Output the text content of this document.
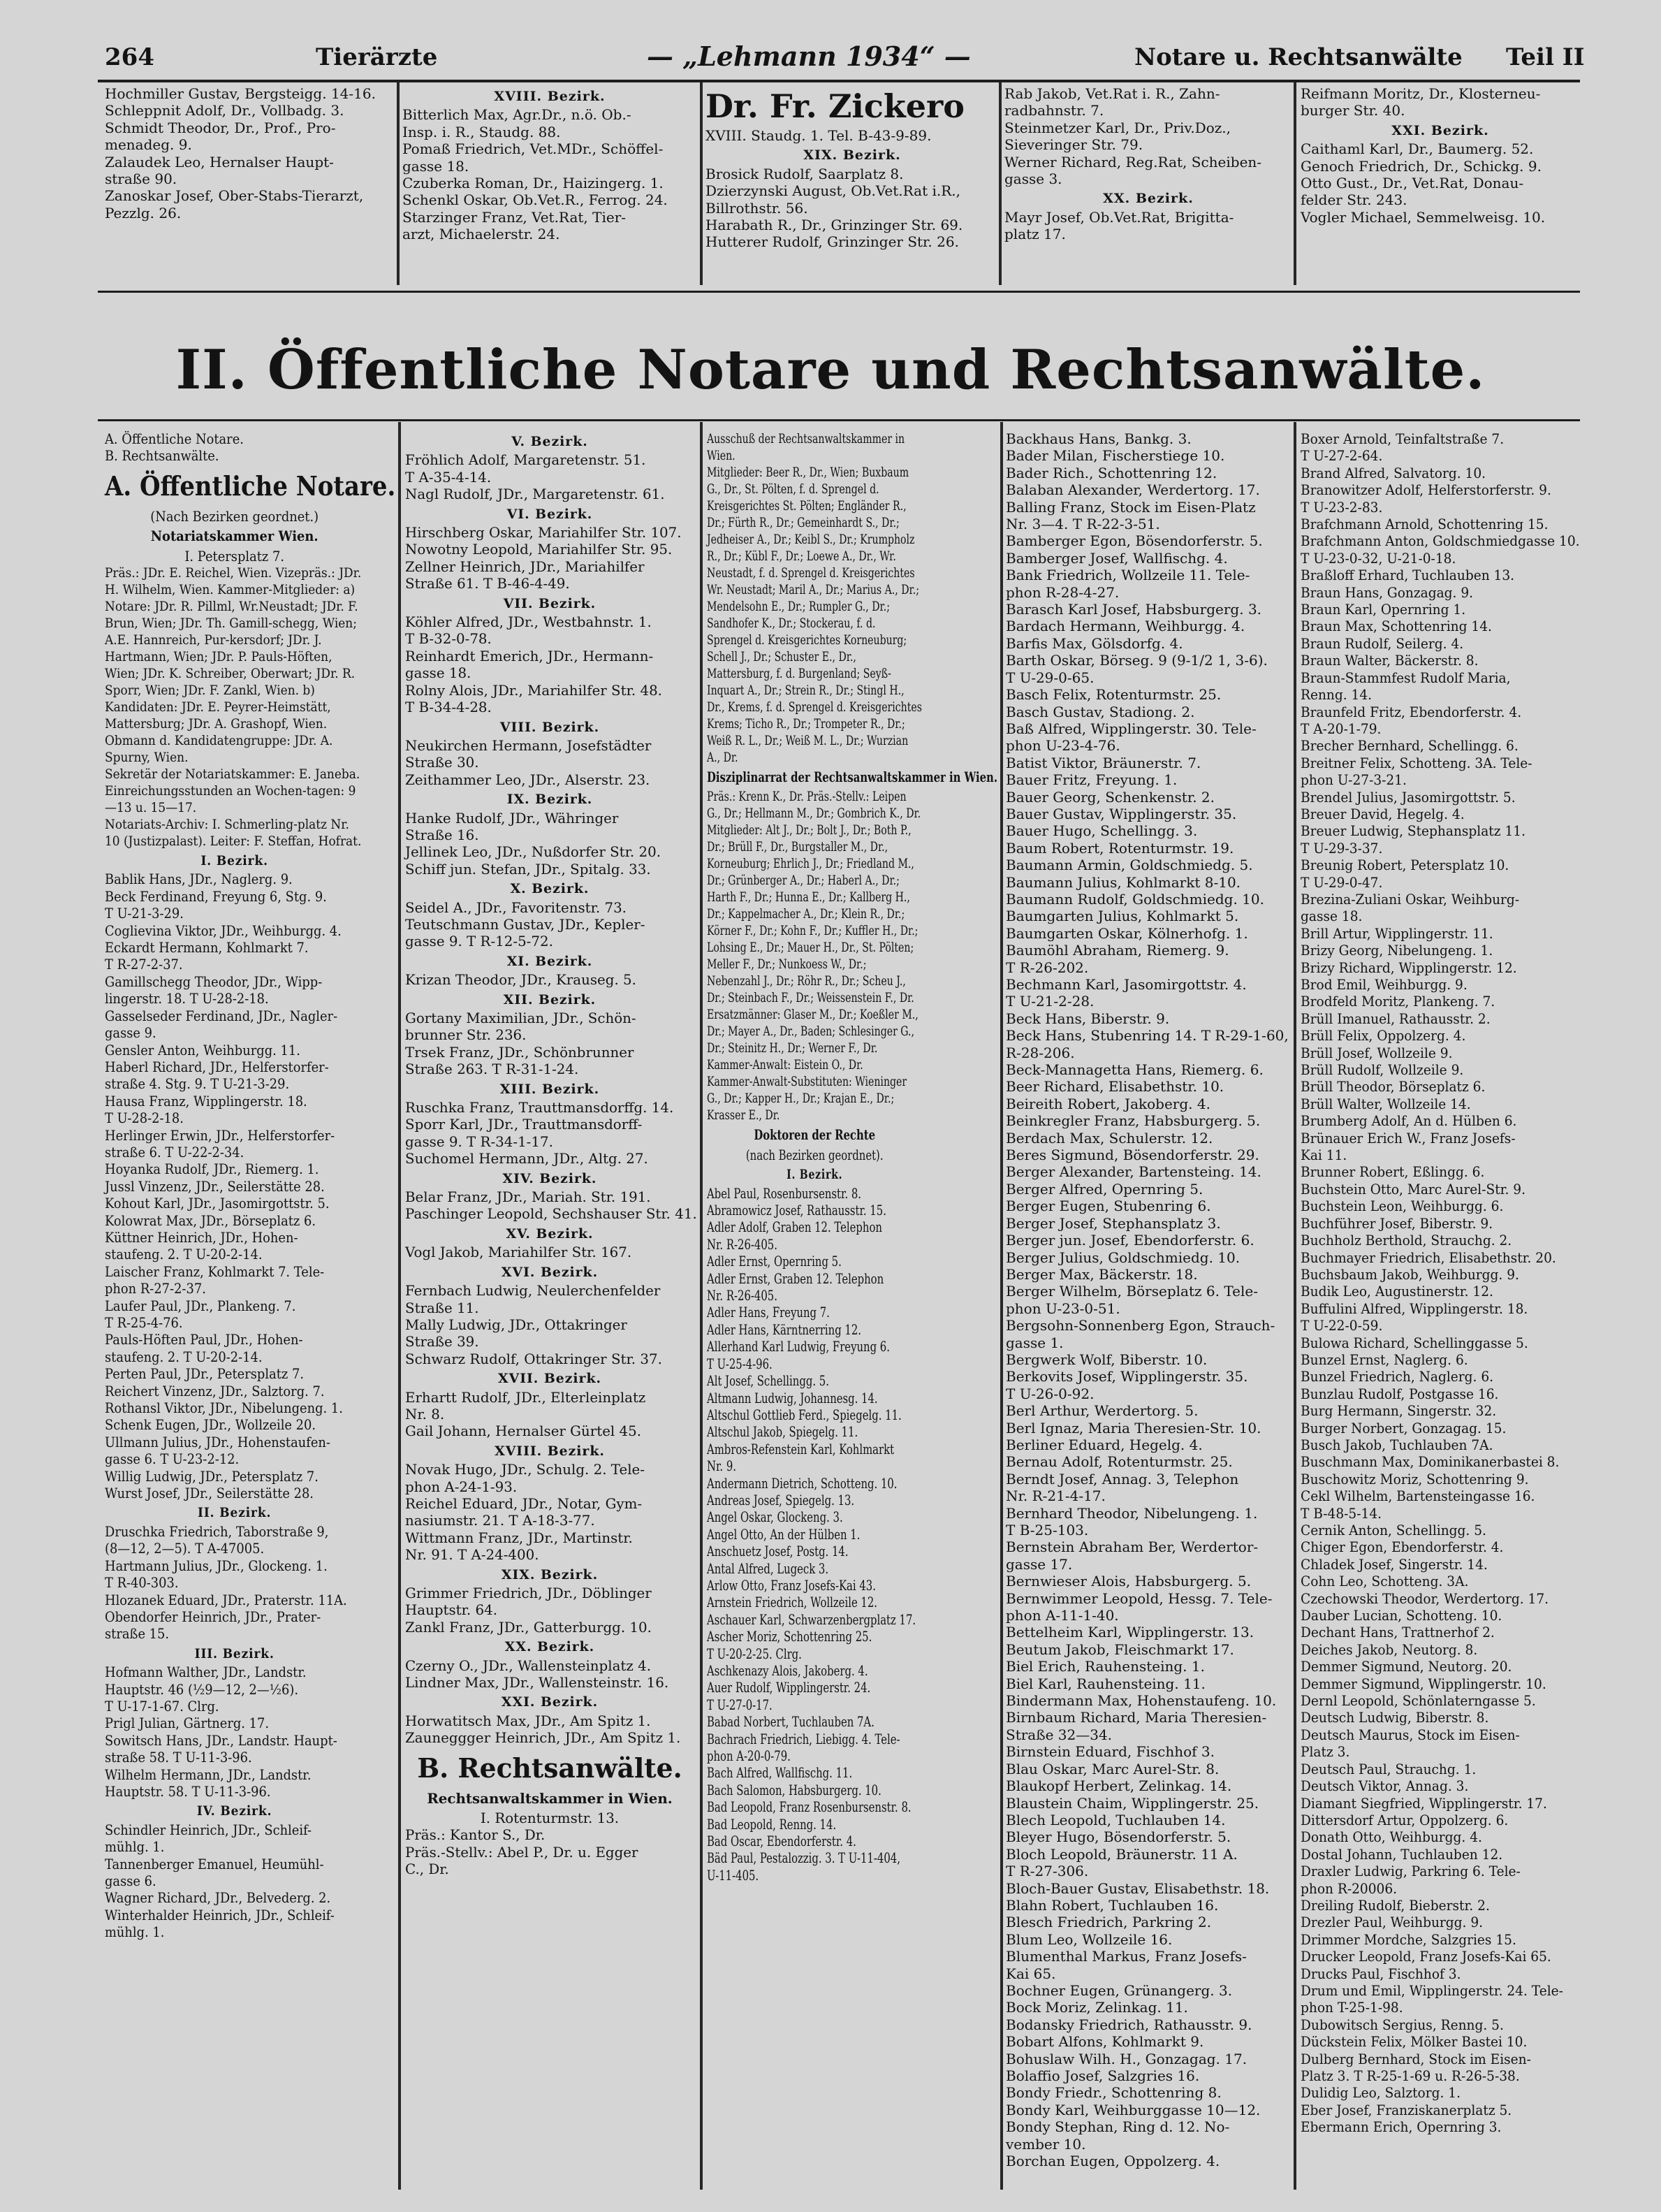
264	Tierärzte	— „Lehmann 1934“ —	Notare u. Rechtsanwälte Teil II
Hochmiller Gustav, Bergsteigg. 14-16.
Schleppnit Adolf, Dr., Vollbadg. 3.
Schmidt Theodor, Dr., Prof., Pro-
menadeg. 9.
Zalaudek Leo, Hernalser Haupt-
straße 90.
Zanoskar Josef, Ober-Stabs-Tierarzt,
Pezzlg. 26.
XVIII. Bezirk.
Bitterlich Max, Agr.Dr., n.ö. Ob.-
Insp. i. R., Staudg. 88.
Pomaß Friedrich, Vet.MDr., Schöffel-
gasse 18.
Czuberka Roman, Dr., Haizingerg. 1.
Schenkl Oskar, Ob.Vet.R., Ferrog. 24.
Starzinger Franz, Vet.Rat, Tier-
arzt, Michaelerstr. 24.
Dr. Fr. Zickero
XVIII. Staudg. 1. Tel. B-43-9-89.
XIX. Bezirk.
Brosick Rudolf, Saarplatz 8.
Dzierzynski August, Ob.Vet.Rat i.R.,
Billrothstr. 56.
Harabath R., Dr., Grinzinger Str. 69.
Hutterer Rudolf, Grinzinger Str. 26.
Rab Jakob, Vet.Rat i. R., Zahn-
radbahnstr. 7.
Steinmetzer Karl, Dr., Priv.Doz.,
Sieveringer Str. 79.
Werner Richard, Reg.Rat, Scheiben-
gasse 3.
XX. Bezirk.
Mayr Josef, Ob.Vet.Rat, Brigitta-
platz 17.
Reifmann Moritz, Dr., Klosterneu-
burger Str. 40.
XXI. Bezirk.
Caithaml Karl, Dr., Baumerg. 52.
Genoch Friedrich, Dr., Schickg. 9.
Otto Gust., Dr., Vet.Rat, Donau-
felder Str. 243.
Vogler Michael, Semmelweisg. 10.
II. Öffentliche Notare und Rechtsanwälte.
A. Öffentliche Notare.
B. Rechtsanwälte.
A. Öffentliche Notare.
(Nach Bezirken geordnet.)
Notariatskammer Wien.
I. Petersplatz 7.
Präs.: JDr. E. Reichel, Wien. Vizepräs.: JDr. H. Wilhelm, Wien. Kammer-Mitglieder: a) Notare: JDr. R. Pillml, Wr.Neustadt; JDr. F. Brun, Wien; JDr. Th. Gamill-schegg, Wien; A.E. Hannreich, Pur-kersdorf; JDr. J. Hartmann, Wien; JDr. P. Pauls-Höften, Wien; JDr. K. Schreiber, Oberwart; JDr. R. Sporr, Wien; JDr. F. Zankl, Wien. b) Kandidaten: JDr. E. Peyrer-Heimstätt, Mattersburg; JDr. A. Grashopf, Wien.
Obmann d. Kandidatengruppe: JDr. A. Spurny, Wien.
Sekretär der Notariatskammer: E. Janeba.
Einreichungsstunden an Wochen-tagen: 9—13 u. 15—17.
Notariats-Archiv: I. Schmerling-platz Nr. 10 (Justizpalast). Leiter: F. Steffan, Hofrat.
I. Bezirk.
Bablik Hans, JDr., Naglerg. 9.
Beck Ferdinand, Freyung 6, Stg. 9.
T U-21-3-29.
Coglievina Viktor, JDr., Weihburgg. 4.
Eckardt Hermann, Kohlmarkt 7.
T R-27-2-37.
Gamillschegg Theodor, JDr., Wipp-
lingerstr. 18. T U-28-2-18.
Gasselseder Ferdinand, JDr., Nagler-
gasse 9.
Gensler Anton, Weihburgg. 11.
Haberl Richard, JDr., Helferstorfer-
straße 4. Stg. 9. T U-21-3-29.
Hausa Franz, Wipplingerstr. 18.
T U-28-2-18.
Herlinger Erwin, JDr., Helferstorfer-
straße 6. T U-22-2-34.
Hoyanka Rudolf, JDr., Riemerg. 1.
Jussl Vinzenz, JDr., Seilerstätte 28.
Kohout Karl, JDr., Jasomirgottstr. 5.
Kolowrat Max, JDr., Börseplatz 6.
Küttner Heinrich, JDr., Hohen-
staufeng. 2. T U-20-2-14.
Laischer Franz, Kohlmarkt 7. Tele-
phon R-27-2-37.
Laufer Paul, JDr., Plankeng. 7.
T R-25-4-76.
Pauls-Höften Paul, JDr., Hohen-
staufeng. 2. T U-20-2-14.
Perten Paul, JDr., Petersplatz 7.
Reichert Vinzenz, JDr., Salztorg. 7.
Rothansl Viktor, JDr., Nibelungeng. 1.
Schenk Eugen, JDr., Wollzeile 20.
Ullmann Julius, JDr., Hohenstaufen-
gasse 6. T U-23-2-12.
Willig Ludwig, JDr., Petersplatz 7.
Wurst Josef, JDr., Seilerstätte 28.
II. Bezirk.
Druschka Friedrich, Taborstraße 9,
(8—12, 2—5). T A-47005.
Hartmann Julius, JDr., Glockeng. 1.
T R-40-303.
Hlozanek Eduard, JDr., Praterstr. 11A.
Obendorfer Heinrich, JDr., Prater-
straße 15.
III. Bezirk.
Hofmann Walther, JDr., Landstr.
Hauptstr. 46 (½9—12, 2—½6).
T U-17-1-67. Clrg.
Prigl Julian, Gärtnerg. 17.
Sowitsch Hans, JDr., Landstr. Haupt-
straße 58. T U-11-3-96.
Wilhelm Hermann, JDr., Landstr.
Hauptstr. 58. T U-11-3-96.
IV. Bezirk.
Schindler Heinrich, JDr., Schleif-
mühlg. 1.
Tannenberger Emanuel, Heumühl-
gasse 6.
Wagner Richard, JDr., Belvederg. 2.
Winterhalder Heinrich, JDr., Schleif-
mühlg. 1.
V. Bezirk.
Fröhlich Adolf, Margaretenstr. 51.
T A-35-4-14.
Nagl Rudolf, JDr., Margaretenstr. 61.
VI. Bezirk.
Hirschberg Oskar, Mariahilfer Str. 107.
Nowotny Leopold, Mariahilfer Str. 95.
Zellner Heinrich, JDr., Mariahilfer
Straße 61. T B-46-4-49.
VII. Bezirk.
Köhler Alfred, JDr., Westbahnstr. 1.
T B-32-0-78.
Reinhardt Emerich, JDr., Hermann-
gasse 18.
Rolny Alois, JDr., Mariahilfer Str. 48.
T B-34-4-28.
VIII. Bezirk.
Neukirchen Hermann, Josefstädter
Straße 30.
Zeithammer Leo, JDr., Alserstr. 23.
IX. Bezirk.
Hanke Rudolf, JDr., Währinger
Straße 16.
Jellinek Leo, JDr., Nußdorfer Str. 20.
Schiff jun. Stefan, JDr., Spitalg. 33.
X. Bezirk.
Seidel A., JDr., Favoritenstr. 73.
Teutschmann Gustav, JDr., Kepler-
gasse 9. T R-12-5-72.
XI. Bezirk.
Krizan Theodor, JDr., Krauseg. 5.
XII. Bezirk.
Gortany Maximilian, JDr., Schön-
brunner Str. 236.
Trsek Franz, JDr., Schönbrunner
Straße 263. T R-31-1-24.
XIII. Bezirk.
Ruschka Franz, Trauttmansdorffg. 14.
Sporr Karl, JDr., Trauttmansdorff-
gasse 9. T R-34-1-17.
Suchomel Hermann, JDr., Altg. 27.
XIV. Bezirk.
Belar Franz, JDr., Mariah. Str. 191.
Paschinger Leopold, Sechshauser Str. 41.
XV. Bezirk.
Vogl Jakob, Mariahilfer Str. 167.
XVI. Bezirk.
Fernbach Ludwig, Neulerchenfelder
Straße 11.
Mally Ludwig, JDr., Ottakringer
Straße 39.
Schwarz Rudolf, Ottakringer Str. 37.
XVII. Bezirk.
Erhartt Rudolf, JDr., Elterleinplatz
Nr. 8.
Gail Johann, Hernalser Gürtel 45.
XVIII. Bezirk.
Novak Hugo, JDr., Schulg. 2. Tele-
phon A-24-1-93.
Reichel Eduard, JDr., Notar, Gym-
nasiumstr. 21. T A-18-3-77.
Wittmann Franz, JDr., Martinstr.
Nr. 91. T A-24-400.
XIX. Bezirk.
Grimmer Friedrich, JDr., Döblinger
Hauptstr. 64.
Zankl Franz, JDr., Gatterburgg. 10.
XX. Bezirk.
Czerny O., JDr., Wallensteinplatz 4.
Lindner Max, JDr., Wallensteinstr. 16.
XXI. Bezirk.
Horwatitsch Max, JDr., Am Spitz 1.
Zauneggger Heinrich, JDr., Am Spitz 1.
B. Rechtsanwälte.
Rechtsanwaltskammer in Wien.
I. Rotenturmstr. 13.
Präs.: Kantor S., Dr.
Präs.-Stellv.: Abel P., Dr. u. Egger
C., Dr.
Ausschuß der Rechtsanwaltskammer in Wien.
Mitglieder: Beer R., Dr., Wien; Buxbaum G., Dr., St. Pölten, f. d. Sprengel d. Kreisgerichtes St. Pölten; Engländer R., Dr.; Fürth R., Dr.; Gemeinhardt S., Dr.; Jedheiser A., Dr.; Keibl S., Dr.; Krumpholz R., Dr.; Kübl F., Dr.; Loewe A., Dr., Wr. Neustadt, f. d. Sprengel d. Kreisgerichtes Wr. Neustadt; Maril A., Dr.; Marius A., Dr.; Mendelsohn E., Dr.; Rumpler G., Dr.; Sandhofer K., Dr.; Stockerau, f. d. Sprengel d. Kreisgerichtes Korneuburg; Schell J., Dr.; Schuster E., Dr., Mattersburg, f. d. Burgenland; Seyß-Inquart A., Dr.; Strein R., Dr.; Stingl H., Dr., Krems, f. d. Sprengel d. Kreisgerichtes Krems; Ticho R., Dr.; Trompeter R., Dr.; Weiß R. L., Dr.; Weiß M. L., Dr.; Wurzian A., Dr.
Disziplinarrat der Rechtsanwaltskammer in Wien.
Präs.: Krenn K., Dr. Präs.-Stellv.: Leipen G., Dr.; Hellmann M., Dr.; Gombrich K., Dr. Mitglieder: Alt J., Dr.; Bolt J., Dr.; Both P., Dr.; Brüll F., Dr., Burgstaller M., Dr., Korneuburg; Ehrlich J., Dr.; Friedland M., Dr.; Grünberger A., Dr.; Haberl A., Dr.; Harth F., Dr.; Hunna E., Dr.; Kallberg H., Dr.; Kappelmacher A., Dr.; Klein R., Dr.; Körner F., Dr.; Kohn F., Dr.; Kuffler H., Dr.; Lohsing E., Dr.; Mauer H., Dr., St. Pölten; Meller F., Dr.; Nunkoess W., Dr.; Nebenzahl J., Dr.; Röhr R., Dr.; Scheu J., Dr.; Steinbach F., Dr.; Weissenstein F., Dr.
Ersatzmänner: Glaser M., Dr.; Koeßler M., Dr.; Mayer A., Dr., Baden; Schlesinger G., Dr.; Steinitz H., Dr.; Werner F., Dr.
Kammer-Anwalt: Eistein O., Dr.
Kammer-Anwalt-Substituten: Wieninger G., Dr.; Kapper H., Dr.; Krajan E., Dr.; Krasser E., Dr.
Doktoren der Rechte
(nach Bezirken geordnet).
I. Bezirk.
Abel Paul, Rosenbursenstr. 8.
Abramowicz Josef, Rathausstr. 15.
Adler Adolf, Graben 12. Telephon
Nr. R-26-405.
Adler Ernst, Opernring 5.
Adler Ernst, Graben 12. Telephon
Nr. R-26-405.
Adler Hans, Freyung 7.
Adler Hans, Kärntnerring 12.
Allerhand Karl Ludwig, Freyung 6.
T U-25-4-96.
Alt Josef, Schellingg. 5.
Altmann Ludwig, Johannesg. 14.
Altschul Gottlieb Ferd., Spiegelg. 11.
Altschul Jakob, Spiegelg. 11.
Ambros-Refenstein Karl, Kohlmarkt
Nr. 9.
Andermann Dietrich, Schotteng. 10.
Andreas Josef, Spiegelg. 13.
Angel Oskar, Glockeng. 3.
Angel Otto, An der Hülben 1.
Anschuetz Josef, Postg. 14.
Antal Alfred, Lugeck 3.
Arlow Otto, Franz Josefs-Kai 43.
Arnstein Friedrich, Wollzeile 12.
Aschauer Karl, Schwarzenbergplatz 17.
Ascher Moriz, Schottenring 25.
T U-20-2-25. Clrg.
Aschkenazy Alois, Jakoberg. 4.
Auer Rudolf, Wipplingerstr. 24.
T U-27-0-17.
Babad Norbert, Tuchlauben 7A.
Bachrach Friedrich, Liebigg. 4. Tele-
phon A-20-0-79.
Bach Alfred, Wallfischg. 11.
Bach Salomon, Habsburgerg. 10.
Bad Leopold, Franz Rosenbursenstr. 8.
Bad Leopold, Renng. 14.
Bad Oscar, Ebendorferstr. 4.
Bäd Paul, Pestalozzig. 3. T U-11-404,
U-11-405.
Backhaus Hans, Bankg. 3.
Bader Milan, Fischerstiege 10.
Bader Rich., Schottenring 12.
Balaban Alexander, Werdertorg. 17.
Balling Franz, Stock im Eisen-Platz
Nr. 3—4. T R-22-3-51.
Bamberger Egon, Bösendorferstr. 5.
Bamberger Josef, Wallfischg. 4.
Bank Friedrich, Wollzeile 11. Tele-
phon R-28-4-27.
Barasch Karl Josef, Habsburgerg. 3.
Bardach Hermann, Weihburgg. 4.
Barfis Max, Gölsdorfg. 4.
Barth Oskar, Börseg. 9 (9-1/2 1, 3-6).
T U-29-0-65.
Basch Felix, Rotenturmstr. 25.
Basch Gustav, Stadiong. 2.
Baß Alfred, Wipplingerstr. 30. Tele-
phon U-23-4-76.
Batist Viktor, Bräunerstr. 7.
Bauer Fritz, Freyung. 1.
Bauer Georg, Schenkenstr. 2.
Bauer Gustav, Wipplingerstr. 35.
Bauer Hugo, Schellingg. 3.
Baum Robert, Rotenturmstr. 19.
Baumann Armin, Goldschmiedg. 5.
Baumann Julius, Kohlmarkt 8-10.
Baumann Rudolf, Goldschmiedg. 10.
Baumgarten Julius, Kohlmarkt 5.
Baumgarten Oskar, Kölnerhofg. 1.
Baumöhl Abraham, Riemerg. 9.
T R-26-202.
Bechmann Karl, Jasomirgottstr. 4.
T U-21-2-28.
Beck Hans, Biberstr. 9.
Beck Hans, Stubenring 14. T R-29-1-60,
R-28-206.
Beck-Mannagetta Hans, Riemerg. 6.
Beer Richard, Elisabethstr. 10.
Beireith Robert, Jakoberg. 4.
Beinkregler Franz, Habsburgerg. 5.
Berdach Max, Schulerstr. 12.
Beres Sigmund, Bösendorferstr. 29.
Berger Alexander, Bartensteing. 14.
Berger Alfred, Opernring 5.
Berger Eugen, Stubenring 6.
Berger Josef, Stephansplatz 3.
Berger jun. Josef, Ebendorferstr. 6.
Berger Julius, Goldschmiedg. 10.
Berger Max, Bäckerstr. 18.
Berger Wilhelm, Börseplatz 6. Tele-
phon U-23-0-51.
Bergsohn-Sonnenberg Egon, Strauch-
gasse 1.
Bergwerk Wolf, Biberstr. 10.
Berkovits Josef, Wipplingerstr. 35.
T U-26-0-92.
Berl Arthur, Werdertorg. 5.
Berl Ignaz, Maria Theresien-Str. 10.
Berliner Eduard, Hegelg. 4.
Bernau Adolf, Rotenturmstr. 25.
Berndt Josef, Annag. 3, Telephon
Nr. R-21-4-17.
Bernhard Theodor, Nibelungeng. 1.
T B-25-103.
Bernstein Abraham Ber, Werdertor-
gasse 17.
Bernwieser Alois, Habsburgerg. 5.
Bernwimmer Leopold, Hessg. 7. Tele-
phon A-11-1-40.
Bettelheim Karl, Wipplingerstr. 13.
Beutum Jakob, Fleischmarkt 17.
Biel Erich, Rauhensteing. 1.
Biel Karl, Rauhensteing. 11.
Bindermann Max, Hohenstaufeng. 10.
Birnbaum Richard, Maria Theresien-
Straße 32—34.
Birnstein Eduard, Fischhof 3.
Blau Oskar, Marc Aurel-Str. 8.
Blaukopf Herbert, Zelinkag. 14.
Blaustein Chaim, Wipplingerstr. 25.
Blech Leopold, Tuchlauben 14.
Bleyer Hugo, Bösendorferstr. 5.
Bloch Leopold, Bräunerstr. 11 A.
T R-27-306.
Bloch-Bauer Gustav, Elisabethstr. 18.
Blahn Robert, Tuchlauben 16.
Blesch Friedrich, Parkring 2.
Blum Leo, Wollzeile 16.
Blumenthal Markus, Franz Josefs-
Kai 65.
Bochner Eugen, Grünangerg. 3.
Bock Moriz, Zelinkag. 11.
Bodansky Friedrich, Rathausstr. 9.
Bobart Alfons, Kohlmarkt 9.
Bohuslaw Wilh. H., Gonzagag. 17.
Bolaffio Josef, Salzgries 16.
Bondy Friedr., Schottenring 8.
Bondy Karl, Weihburggasse 10—12.
Bondy Stephan, Ring d. 12. No-
vember 10.
Borchan Eugen, Oppolzerg. 4.
Boxer Arnold, Teinfaltstraße 7.
T U-27-2-64.
Brand Alfred, Salvatorg. 10.
Branowitzer Adolf, Helferstorferstr. 9.
T U-23-2-83.
Brafchmann Arnold, Schottenring 15.
Brafchmann Anton, Goldschmiedgasse 10.
T U-23-0-32, U-21-0-18.
Braßloff Erhard, Tuchlauben 13.
Braun Hans, Gonzagag. 9.
Braun Karl, Opernring 1.
Braun Max, Schottenring 14.
Braun Rudolf, Seilerg. 4.
Braun Walter, Bäckerstr. 8.
Braun-Stammfest Rudolf Maria,
Renng. 14.
Braunfeld Fritz, Ebendorferstr. 4.
T A-20-1-79.
Brecher Bernhard, Schellingg. 6.
Breitner Felix, Schotteng. 3A. Tele-
phon U-27-3-21.
Brendel Julius, Jasomirgottstr. 5.
Breuer David, Hegelg. 4.
Breuer Ludwig, Stephansplatz 11.
T U-29-3-37.
Breunig Robert, Petersplatz 10.
T U-29-0-47.
Brezina-Zuliani Oskar, Weihburg-
gasse 18.
Brill Artur, Wipplingerstr. 11.
Brizy Georg, Nibelungeng. 1.
Brizy Richard, Wipplingerstr. 12.
Brod Emil, Weihburgg. 9.
Brodfeld Moritz, Plankeng. 7.
Brüll Imanuel, Rathausstr. 2.
Brüll Felix, Oppolzerg. 4.
Brüll Josef, Wollzeile 9.
Brüll Rudolf, Wollzeile 9.
Brüll Theodor, Börseplatz 6.
Brüll Walter, Wollzeile 14.
Brumberg Adolf, An d. Hülben 6.
Brünauer Erich W., Franz Josefs-
Kai 11.
Brunner Robert, Eßlingg. 6.
Buchstein Otto, Marc Aurel-Str. 9.
Buchstein Leon, Weihburgg. 6.
Buchführer Josef, Biberstr. 9.
Buchholz Berthold, Strauchg. 2.
Buchmayer Friedrich, Elisabethstr. 20.
Buchsbaum Jakob, Weihburgg. 9.
Budik Leo, Augustinerstr. 12.
Buffulini Alfred, Wipplingerstr. 18.
T U-22-0-59.
Bulowa Richard, Schellinggasse 5.
Bunzel Ernst, Naglerg. 6.
Bunzel Friedrich, Naglerg. 6.
Bunzlau Rudolf, Postgasse 16.
Burg Hermann, Singerstr. 32.
Burger Norbert, Gonzagag. 15.
Busch Jakob, Tuchlauben 7A.
Buschmann Max, Dominikanerbastei 8.
Buschowitz Moriz, Schottenring 9.
Cekl Wilhelm, Bartensteingasse 16.
T B-48-5-14.
Cernik Anton, Schellingg. 5.
Chiger Egon, Ebendorferstr. 4.
Chladek Josef, Singerstr. 14.
Cohn Leo, Schotteng. 3A.
Czechowski Theodor, Werdertorg. 17.
Dauber Lucian, Schotteng. 10.
Dechant Hans, Trattnerhof 2.
Deiches Jakob, Neutorg. 8.
Demmer Sigmund, Neutorg. 20.
Demmer Sigmund, Wipplingerstr. 10.
Dernl Leopold, Schönlaterngasse 5.
Deutsch Ludwig, Biberstr. 8.
Deutsch Maurus, Stock im Eisen-
Platz 3.
Deutsch Paul, Strauchg. 1.
Deutsch Viktor, Annag. 3.
Diamant Siegfried, Wipplingerstr. 17.
Dittersdorf Artur, Oppolzerg. 6.
Donath Otto, Weihburgg. 4.
Dostal Johann, Tuchlauben 12.
Draxler Ludwig, Parkring 6. Tele-
phon R-20006.
Dreiling Rudolf, Bieberstr. 2.
Drezler Paul, Weihburgg. 9.
Drimmer Mordche, Salzgries 15.
Drucker Leopold, Franz Josefs-Kai 65.
Drucks Paul, Fischhof 3.
Drum und Emil, Wipplingerstr. 24. Tele-
phon T-25-1-98.
Dubowitsch Sergius, Renng. 5.
Dückstein Felix, Mölker Bastei 10.
Dulberg Bernhard, Stock im Eisen-
Platz 3. T R-25-1-69 u. R-26-5-38.
Dulidig Leo, Salztorg. 1.
Eber Josef, Franziskanerplatz 5.
Ebermann Erich, Opernring 3.
